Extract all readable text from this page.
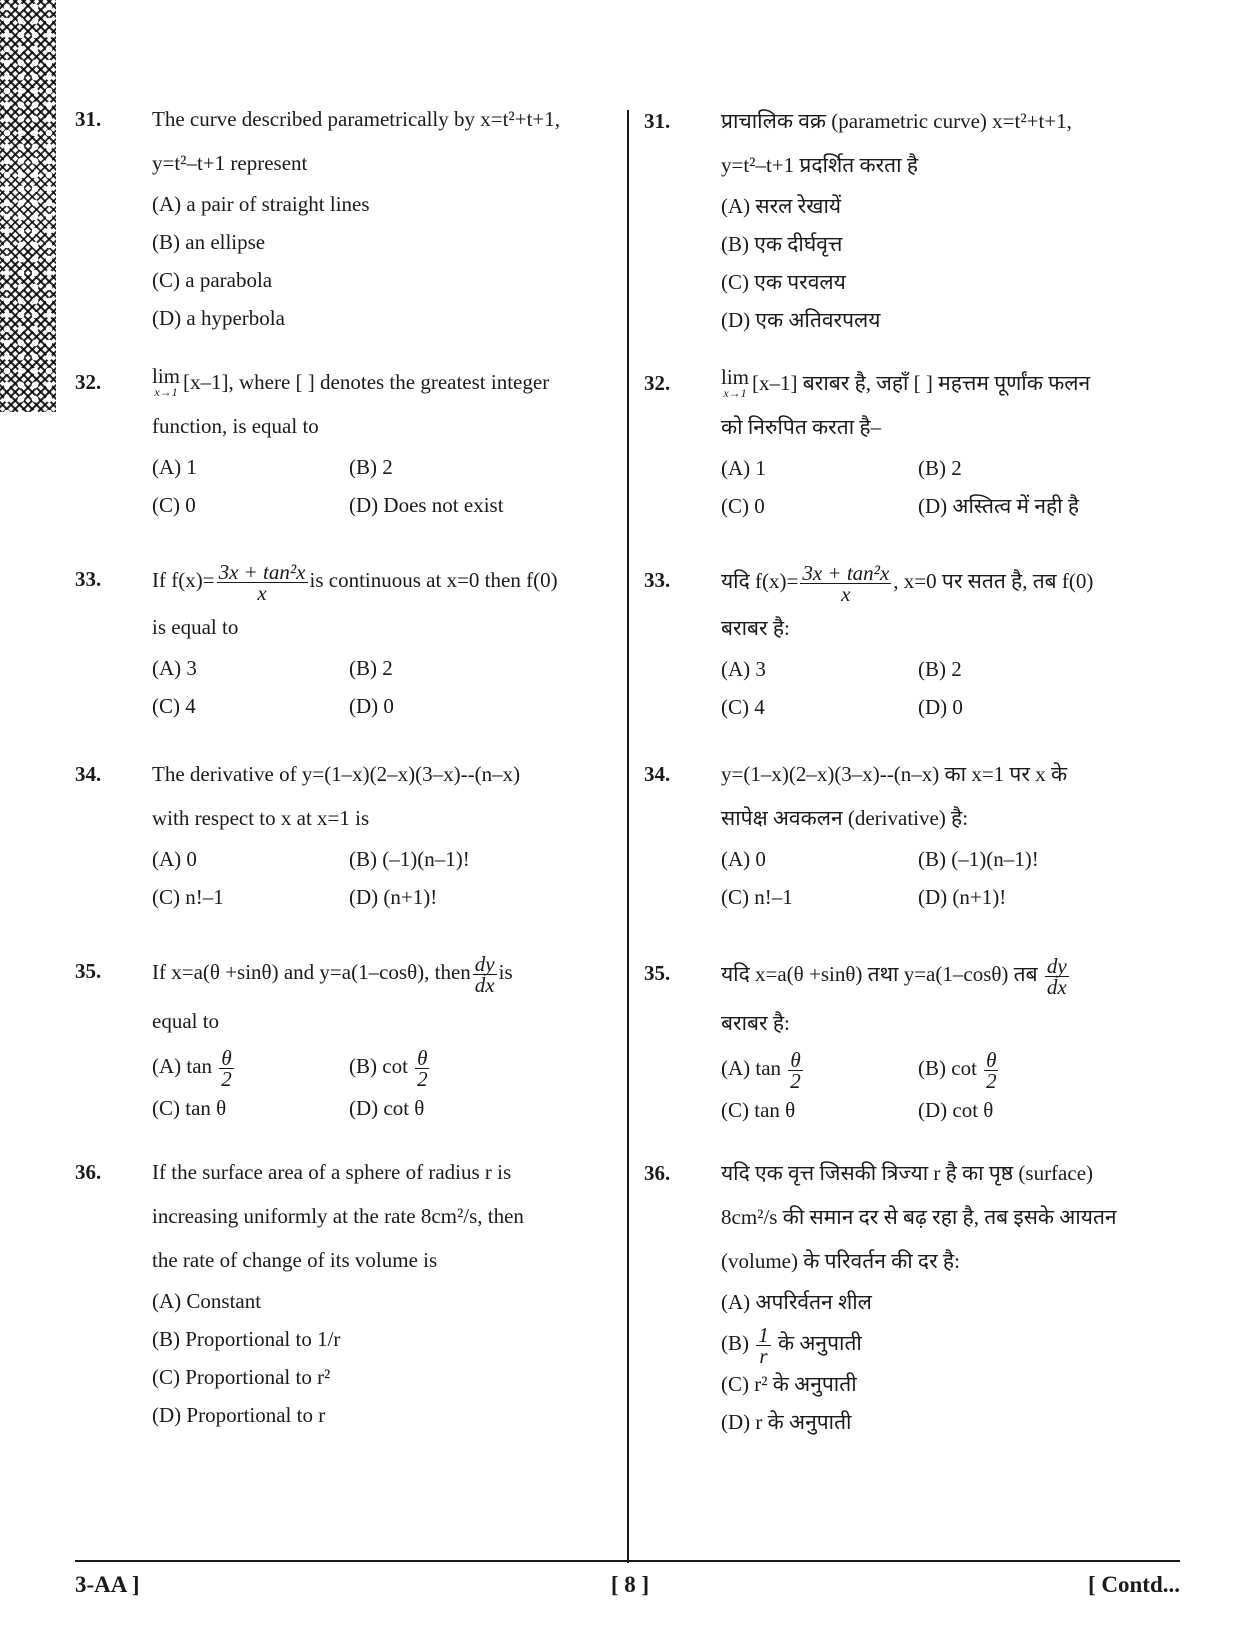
31. The curve described parametrically by x=t²+t+1,
y=t²–t+1 represent
(A) a pair of straight lines
(B) an ellipse
(C) a parabola
(D) a hyperbola
32. lim
x→1 [x–1], where [ ] denotes the greatest integer
function, is equal to
(A) 1	(B) 2
(C) 0	(D) Does not exist
33. If $f(x)= \frac{\text{3x + tan²x}}{x}$ is continuous at x=0 then f(0)
is equal to
(A) 3	(B) 2
(C) 4	(D) 0
34. The derivative of y=(1–x)(2–x)(3–x)--(n–x)
with respect to x at x=1 is
(A) 0	(B) (–1)(n–1)!
(C) n!–1	(D) (n+1)!
35. If x=a(θ +sinθ) and y=a(1–cosθ), then $\frac{dy}{dx}$ is
equal to
(A) $\tan \frac{\theta}{2}$	(B) $\cot \frac{\theta}{2}$
(C) tan θ	(D) cot θ
36. If the surface area of a sphere of radius r is
increasing uniformly at the rate 8cm²/s, then
the rate of change of its volume is
(A) Constant
(B) Proportional to 1/r
(C) Proportional to r²
(D) Proportional to r
31. प्राचालिक वक्र (parametric curve) x=t²+t+1,
y=t²–t+1 प्रदर्शित करता है
(A) सरल रेखायें
(B) एक दीर्घवृत्त
(C) एक परवलय
(D) एक अतिवरपलय
32. lim
x→1 [x–1] बराबर है, जहाँ [ ] महत्तम पूर्णांक फलन
को निरुपित करता है–
(A) 1	(B) 2
(C) 0	(D) अस्तित्व में नही है
33. यदि $f(x)= \frac{\text{3x + tan²x}}{x}$ , x=0 पर सतत है, तब f(0)
बराबर है:
(A) 3	(B) 2
(C) 4	(D) 0
34. y=(1–x)(2–x)(3–x)--(n–x) का x=1 पर x के
सापेक्ष अवकलन (derivative) है:
(A) 0	(B) (–1)(n–1)!
(C) n!–1	(D) (n+1)!
35. यदि x=a(θ +sinθ) तथा y=a(1–cosθ) तब $\frac{dy}{dx}$
बराबर है:
(A) $\tan \frac{\theta}{2}$	(B) $\cot \frac{\theta}{2}$
(C) tan θ	(D) cot θ
36. यदि एक वृत्त जिसकी त्रिज्या r है का पृष्ठ (surface)
8cm²/s की समान दर से बढ़ रहा है, तब इसके आयतन
(volume) के परिवर्तन की दर है:
(A) अपरिर्वतन शील
$(B) \frac{1}{r}$ के अनुपाती
(C) r² के अनुपाती
(D) r के अनुपाती
3-AA ]	[ 8 ]	[ Contd...
